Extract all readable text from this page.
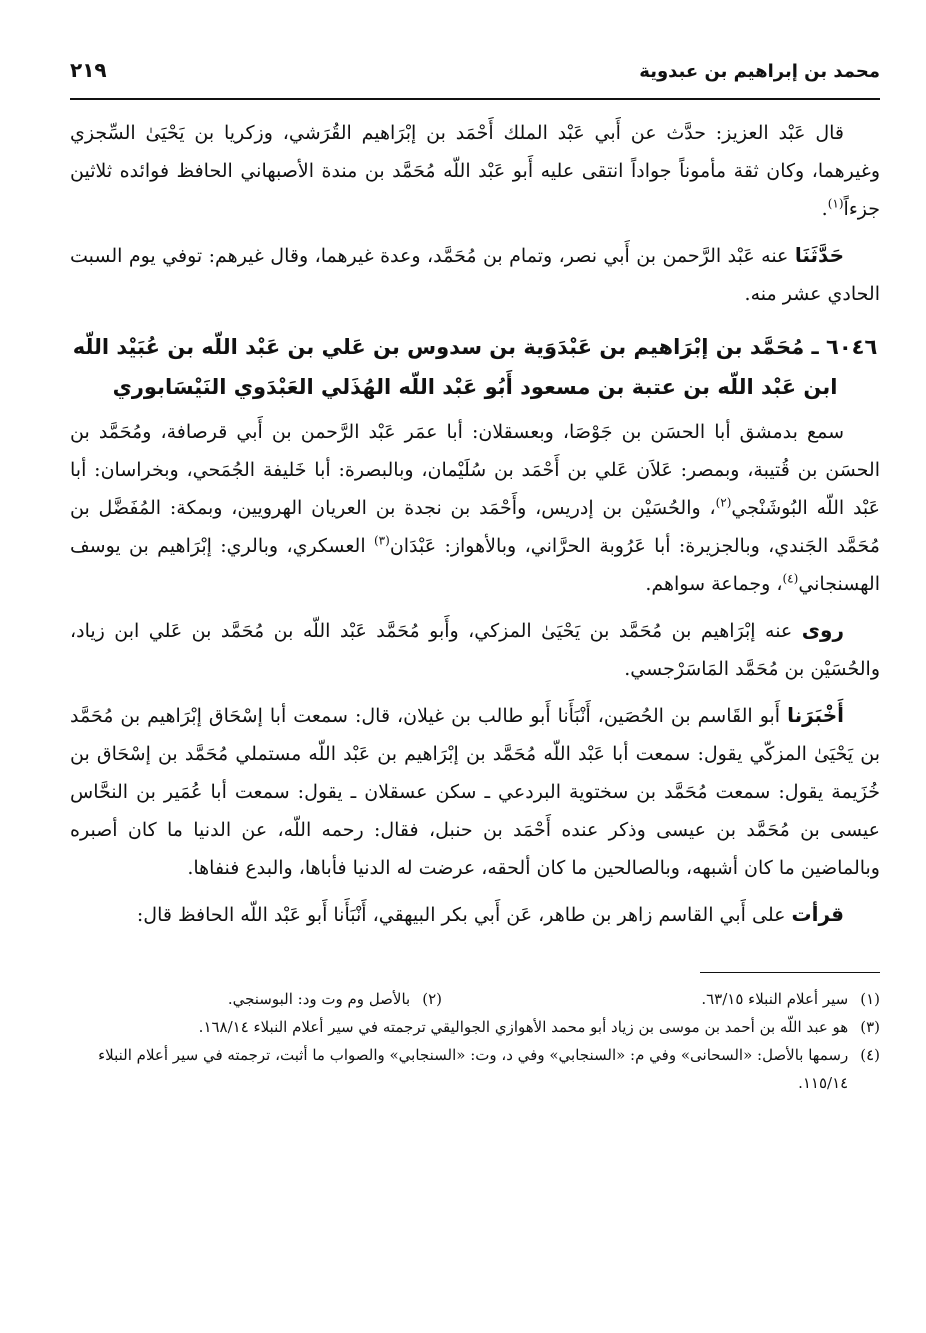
محمد بن إبراهيم بن عبدوية
٢١٩

قال عَبْد العزيز: حدَّث عن أَبي عَبْد الملك أَحْمَد بن إبْرَاهيم القُرَشي، وزكريا بن يَحْيَىٰ السِّجزي وغيرهما، وكان ثقة مأموناً جواداً انتقى عليه أَبو عَبْد اللّه مُحَمَّد بن مندة الأصبهاني الحافظ فوائده ثلاثين جزءاً$^{(١)}$.

حَدَّثَنَا عنه عَبْد الرَّحمن بن أَبي نصر، وتمام بن مُحَمَّد، وعدة غيرهما، وقال غيرهم: توفي يوم السبت الحادي عشر منه.

٦٠٤٦ ـ مُحَمَّد بن إبْرَاهيم بن عَبْدَوَية بن سدوس بن عَلي بن عَبْد اللّه بن عُبَيْد اللّه
ابن عَبْد اللّه بن عتبة بن مسعود أَبُو عَبْد اللّه الهُذَلي العَبْدَوي النَيْسَابوري

سمع بدمشق أبا الحسَن بن جَوْصَا، وبعسقلان: أبا عمَر عَبْد الرَّحمن بن أَبي قرصافة، ومُحَمَّد بن الحسَن بن قُتيبة، وبمصر: عَلاَن عَلي بن أَحْمَد بن سُلَيْمان، وبالبصرة: أبا خَليفة الجُمَحي، وبخراسان: أبا عَبْد اللّه البُوشَنْجي$^{(٢)}$، والحُسَيْن بن إدريس، وأَحْمَد بن نجدة بن العريان الهرويين، وبمكة: المُفَضَّل بن مُحَمَّد الجَندي، وبالجزيرة: أبا عَرُوبة الحرَّاني، وبالأهواز: عَبْدَان$^{(٣)}$ العسكري، وبالري: إبْرَاهيم بن يوسف الهسنجاني$^{(٤)}$، وجماعة سواهم.

روى عنه إبْرَاهيم بن مُحَمَّد بن يَحْيَىٰ المزكي، وأَبو مُحَمَّد عَبْد اللّه بن مُحَمَّد بن عَلي ابن زياد، والحُسَيْن بن مُحَمَّد المَاسَرْجسي.

أَخْبَرَنا أَبو القَاسم بن الحُصَين، أَنْبَأَنا أَبو طالب بن غيلان، قال: سمعت أبا إسْحَاق إبْرَاهيم بن مُحَمَّد بن يَحْيَىٰ المزكّي يقول: سمعت أبا عَبْد اللّه مُحَمَّد بن إبْرَاهيم بن عَبْد اللّه مستملي مُحَمَّد بن إسْحَاق بن خُزَيمة يقول: سمعت مُحَمَّد بن سختوية البردعي ـ سكن عسقلان ـ يقول: سمعت أبا عُمَير بن النحَّاس عيسى بن مُحَمَّد بن عيسى وذكر عنده أَحْمَد بن حنبل، فقال: رحمه اللّه، عن الدنيا ما كان أصبره وبالماضين ما كان أشبهه، وبالصالحين ما كان ألحقه، عرضت له الدنيا فأباها، والبدع فنفاها.

قرأت على أَبي القاسم زاهر بن طاهر، عَن أَبي بكر البيهقي، أَنْبَأَنا أَبو عَبْد اللّه الحافظ قال:

(١)
سير أعلام النبلاء ٦٣/١٥.
(٢)
بالأصل وم وت ود: البوسنجي.
(٣)
هو عبد اللّه بن أحمد بن موسى بن زياد أبو محمد الأهوازي الجواليقي ترجمته في سير أعلام النبلاء ١٦٨/١٤.
(٤)
رسمها بالأصل: «السحانى» وفي م: «السنجابي» وفي د، وت: «السنجابي» والصواب ما أثبت، ترجمته في سير أعلام النبلاء ١١٥/١٤.
